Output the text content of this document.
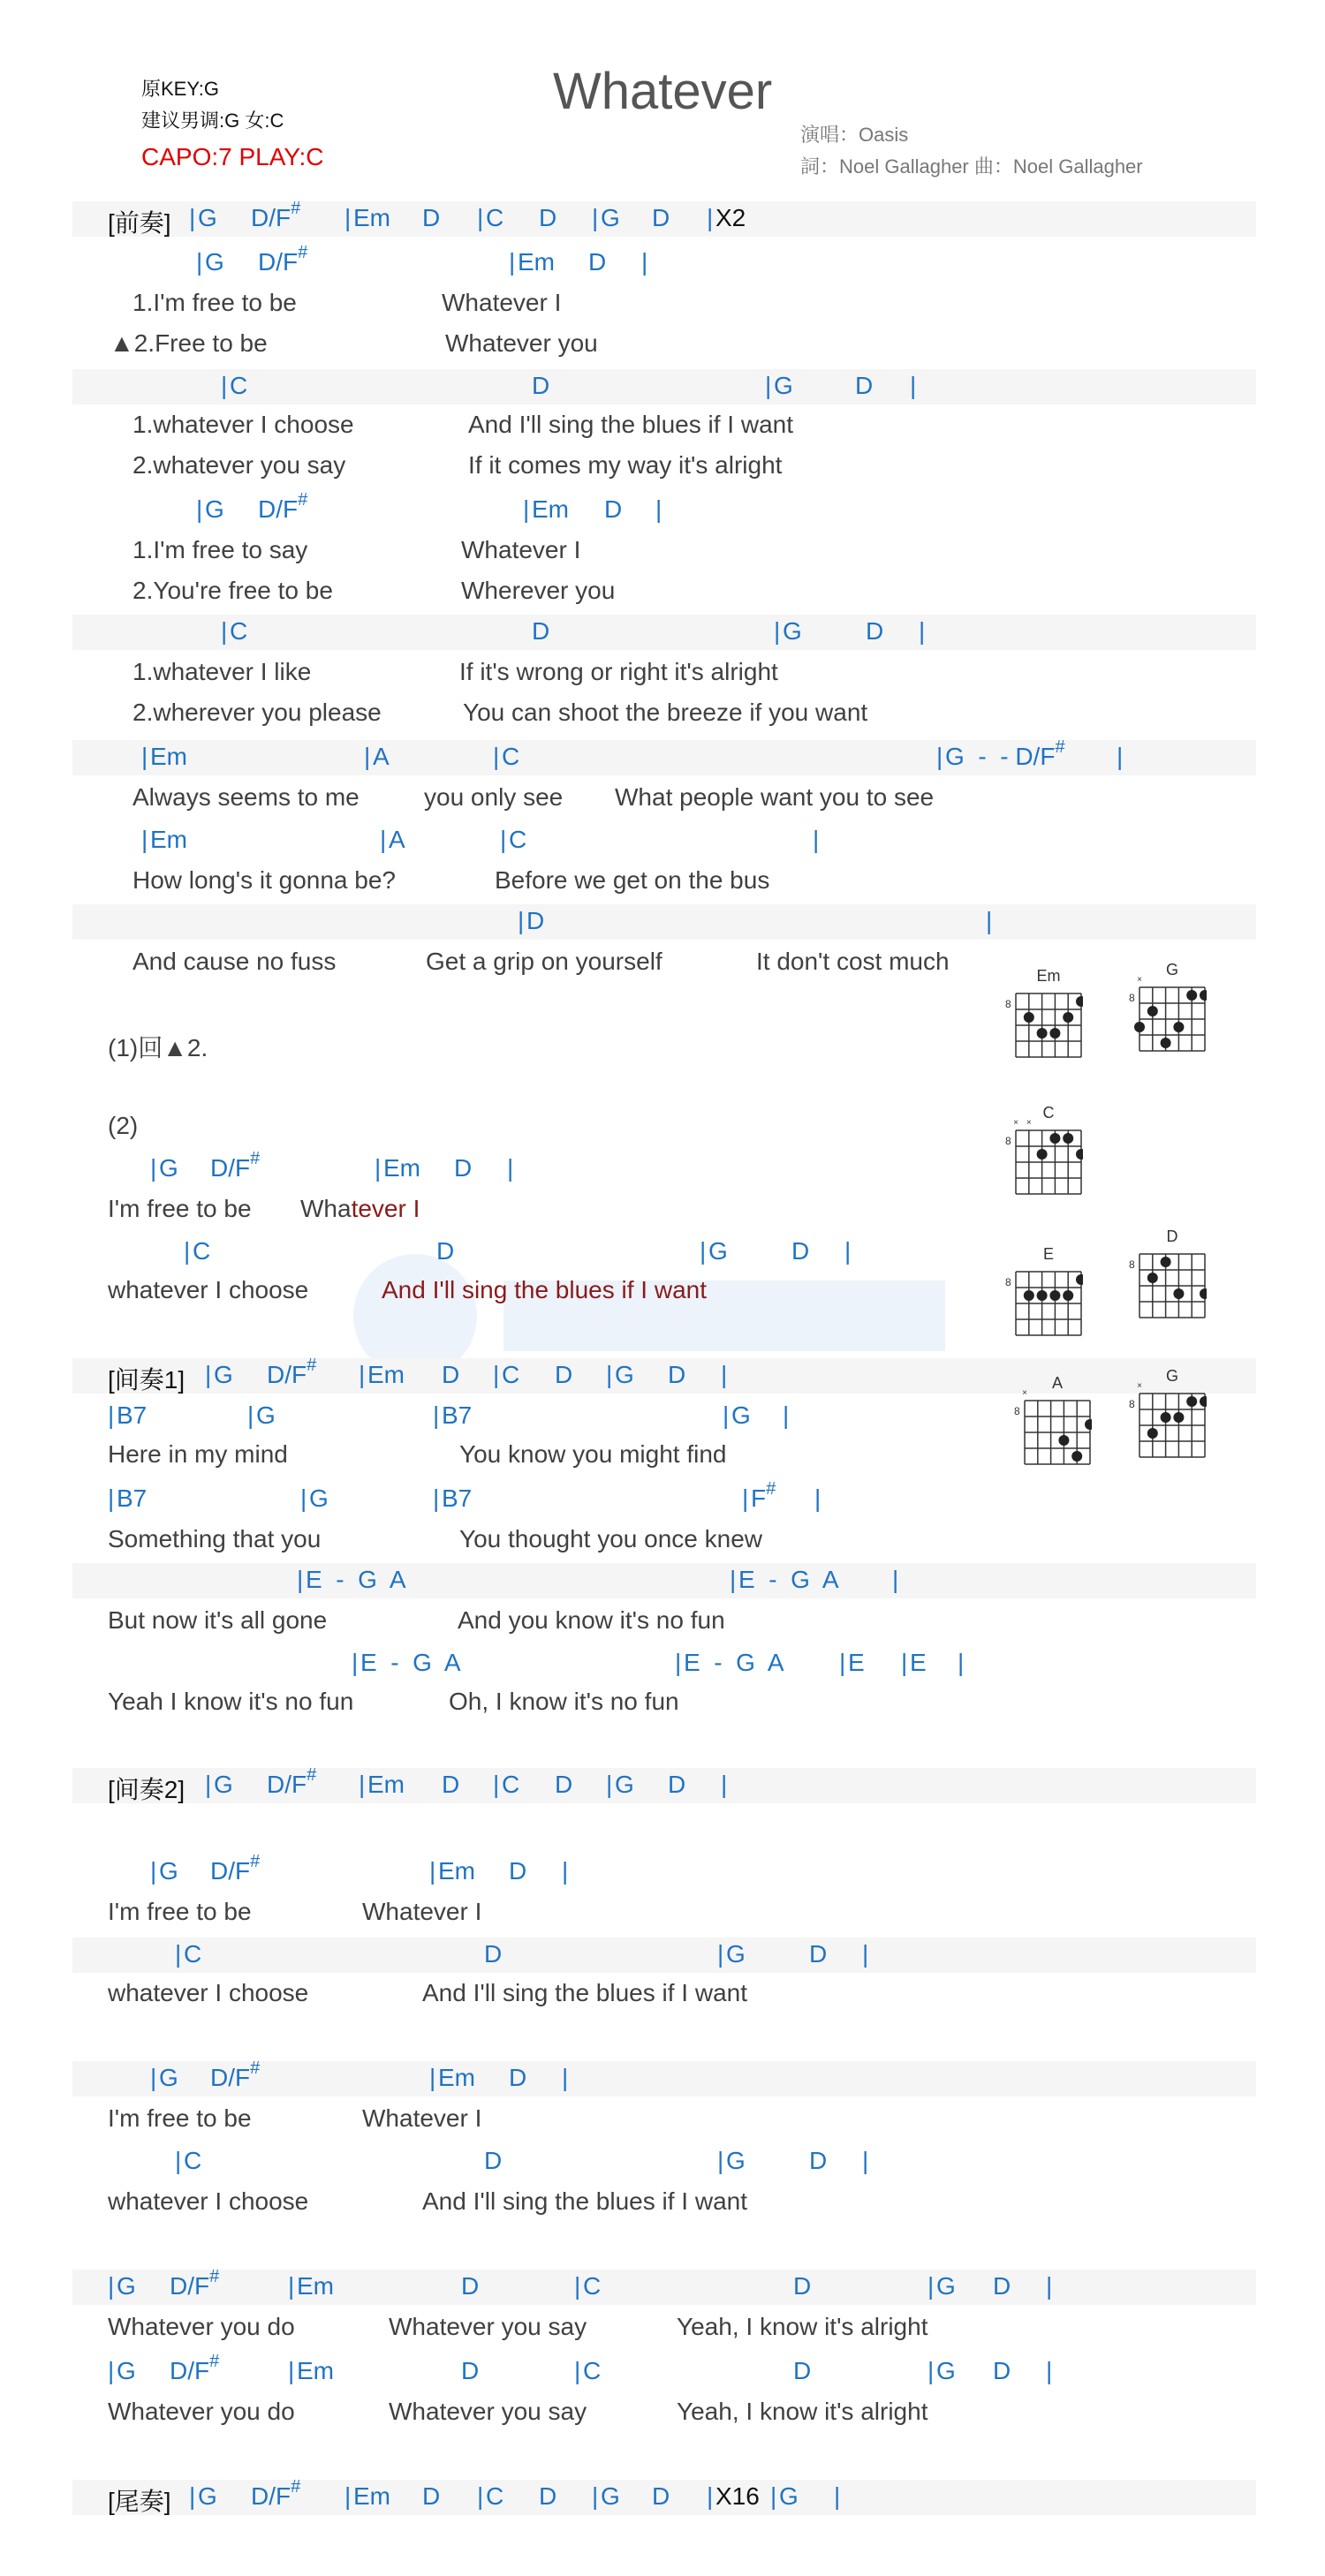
原KEY:G
建议男调:G 女:C
CAPO:7 PLAY:C
Whatever
演唱：Oasis
詞：Noel Gallagher 曲：Noel Gallagher
[前奏] | G D/F# | Em D | C D | G D | X2
| G D/F#	| Em D |
1.I'm free to be	Whatever I
▲2.Free to be	Whatever you
| C	D	| G	D |
1.whatever I choose	And I'll sing the blues if I want
2.whatever you say	If it comes my way it's alright
| G D/F#	| Em D |
1.I'm free to say	Whatever I
2.You're free to be	Wherever you
| C	D	| G	D |
1.whatever I like	If it's wrong or right it's alright
2.wherever you please	You can shoot the breeze if you want
| Em	| A	| C	| G  -  - D/F# |
Always seems to me	you only see What people want you to see
| Em	| A	| C	|
How long's it gonna be?	Before we get on the bus
| D	|
And cause no fuss	Get a grip on yourself	It don't cost much
(1)回▲2.
(2)
| G D/F#	| Em D |
I'm free to be Whatever I
| C	D	| G	D |
whatever I choose	And I'll sing the blues if I want
[间奏1] | G D/F# | Em D | C D | G D |
| B7	| G	| B7	| G |
Here in my mind	You know you might find
| B7	| G	| B7	| F# |
Something that you	You thought you once knew
| E  -  G  A	| E  -  G  A |
But now it's all gone	And you know it's no fun
| E  -  G  A	| E  -  G  A | E | E |
Yeah I know it's no fun	Oh, I know it's no fun
[间奏2] | G D/F# | Em D | C D | G D |
| G D/F#	| Em D |
I'm free to be	Whatever I
| C	D	| G	D |
whatever I choose	And I'll sing the blues if I want
| G D/F#	| Em D |
I'm free to be	Whatever I
| C	D	| G	D |
whatever I choose	And I'll sing the blues if I want
| G D/F#	| Em	D	| C	D	| G D |
Whatever you do	Whatever you say	Yeah, I know it's alright
| G D/F#	| Em	D	| C	D	| G D |
Whatever you do	Whatever you say	Yeah, I know it's alright
[尾奏] | G D/F# | Em D | C D | G D | X16 | G |
Em
8
G
8
×
C
8
× ×
E
8
D
8
A
8
×
G
8
×
